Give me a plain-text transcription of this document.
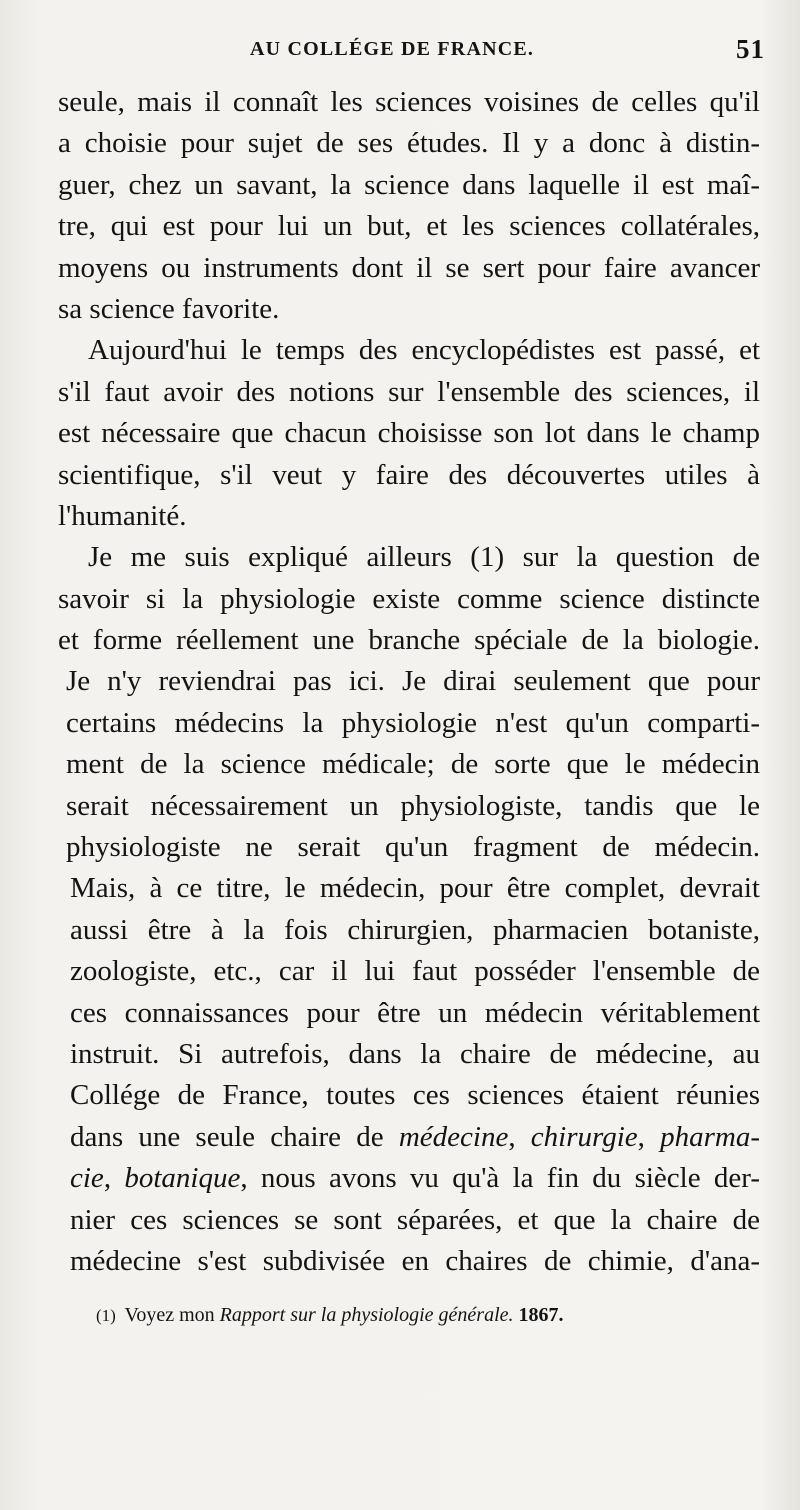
AU COLLÉGE DE FRANCE.	51
seule, mais il connaît les sciences voisines de celles qu'il
a choisie pour sujet de ses études. Il y a donc à distin-
guer, chez un savant, la science dans laquelle il est maî-
tre, qui est pour lui un but, et les sciences collatérales,
moyens ou instruments dont il se sert pour faire avancer
sa science favorite.
Aujourd'hui le temps des encyclopédistes est passé, et
s'il faut avoir des notions sur l'ensemble des sciences, il
est nécessaire que chacun choisisse son lot dans le champ
scientifique, s'il veut y faire des découvertes utiles à
l'humanité.
Je me suis expliqué ailleurs (1) sur la question de
savoir si la physiologie existe comme science distincte
et forme réellement une branche spéciale de la biologie.
Je n'y reviendrai pas ici. Je dirai seulement que pour
certains médecins la physiologie n'est qu'un comparti-
ment de la science médicale; de sorte que le médecin
serait nécessairement un physiologiste, tandis que le
physiologiste ne serait qu'un fragment de médecin.
Mais, à ce titre, le médecin, pour être complet, devrait
aussi être à la fois chirurgien, pharmacien botaniste,
zoologiste, etc., car il lui faut posséder l'ensemble de
ces connaissances pour être un médecin véritablement
instruit. Si autrefois, dans la chaire de médecine, au
Collége de France, toutes ces sciences étaient réunies
dans une seule chaire de médecine, chirurgie, pharma-
cie, botanique, nous avons vu qu'à la fin du siècle der-
nier ces sciences se sont séparées, et que la chaire de
médecine s'est subdivisée en chaires de chimie, d'ana-
(1) Voyez mon Rapport sur la physiologie générale. 1867.
